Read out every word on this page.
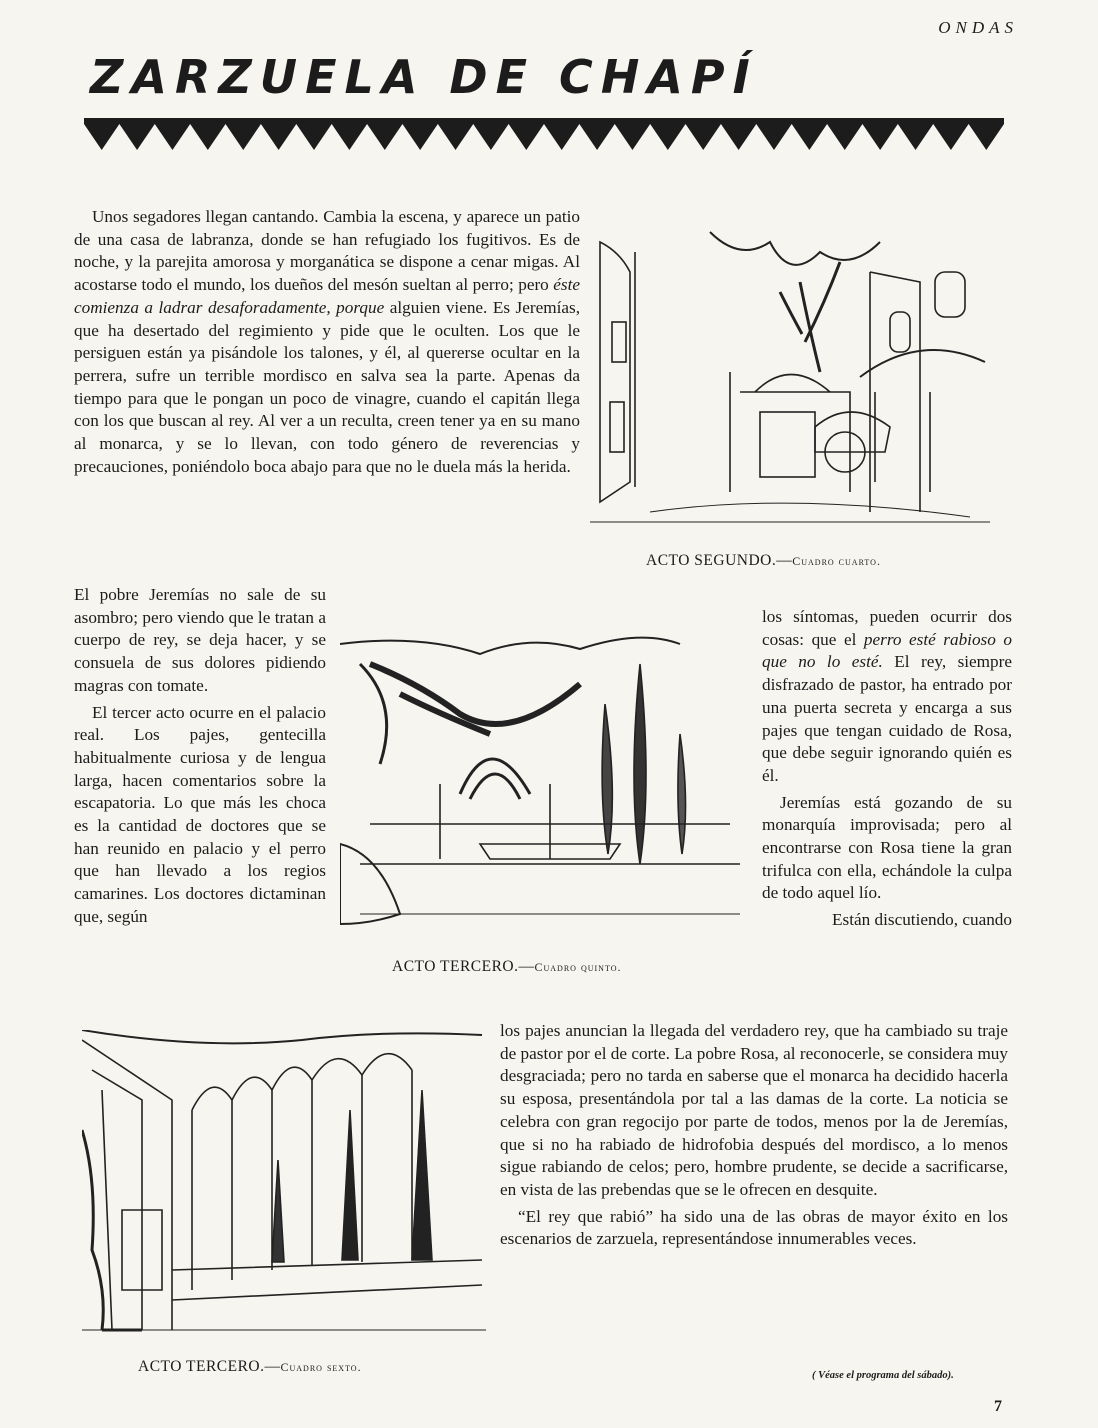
ONDAS
ZARZUELA DE CHAPÍ
ACTO SEGUNDO.—Cuadro cuarto.
ACTO TERCERO.—Cuadro quinto.
ACTO TERCERO.—Cuadro sexto.

Unos segadores llegan cantando. Cambia la escena, y aparece un patio de una casa de labranza, donde se han refugiado los fugitivos. Es de noche, y la parejita amorosa y morganática se dispone a cenar migas. Al acostarse todo el mundo, los dueños del mesón sueltan al perro; pero éste comienza a ladrar desaforadamente, porque alguien viene. Es Jeremías, que ha desertado del regimiento y pide que le oculten. Los que le persiguen están ya pisándole los talones, y él, al quererse ocultar en la perrera, sufre un terrible mordisco en salva sea la parte. Apenas da tiempo para que le pongan un poco de vinagre, cuando el capitán llega con los que buscan al rey. Al ver a un reculta, creen tener ya en su mano al monarca, y se lo llevan, con todo género de reverencias y precauciones, poniéndolo boca abajo para que no le duela más la herida.

El pobre Jeremías no sale de su asombro; pero viendo que le tratan a cuerpo de rey, se deja hacer, y se consuela de sus dolores pidiendo magras con tomate.

El tercer acto ocurre en el palacio real. Los pajes, gentecilla habitualmente curiosa y de lengua larga, hacen comentarios sobre la escapatoria. Lo que más les choca es la cantidad de doctores que se han reunido en palacio y el perro que han llevado a los regios camarines. Los doctores dictaminan que, según

los síntomas, pueden ocurrir dos cosas: que el perro esté rabioso o que no lo esté. El rey, siempre disfrazado de pastor, ha entrado por una puerta secreta y encarga a sus pajes que tengan cuidado de Rosa, que debe seguir ignorando quién es él.

Jeremías está gozando de su monarquía improvisada; pero al encontrarse con Rosa tiene la gran trifulca con ella, echándole la culpa de todo aquel lío.

Están discutiendo, cuando

los pajes anuncian la llegada del verdadero rey, que ha cambiado su traje de pastor por el de corte. La pobre Rosa, al reconocerle, se considera muy desgraciada; pero no tarda en saberse que el monarca ha decidido hacerla su esposa, presentándola por tal a las damas de la corte. La noticia se celebra con gran regocijo por parte de todos, menos por la de Jeremías, que si no ha rabiado de hidrofobia después del mordisco, a lo menos sigue rabiando de celos; pero, hombre prudente, se decide a sacrificarse, en vista de las prebendas que se le ofrecen en desquite.

“El rey que rabió” ha sido una de las obras de mayor éxito en los escenarios de zarzuela, representándose innumerables veces.

( Véase el programa del sábado).
7
